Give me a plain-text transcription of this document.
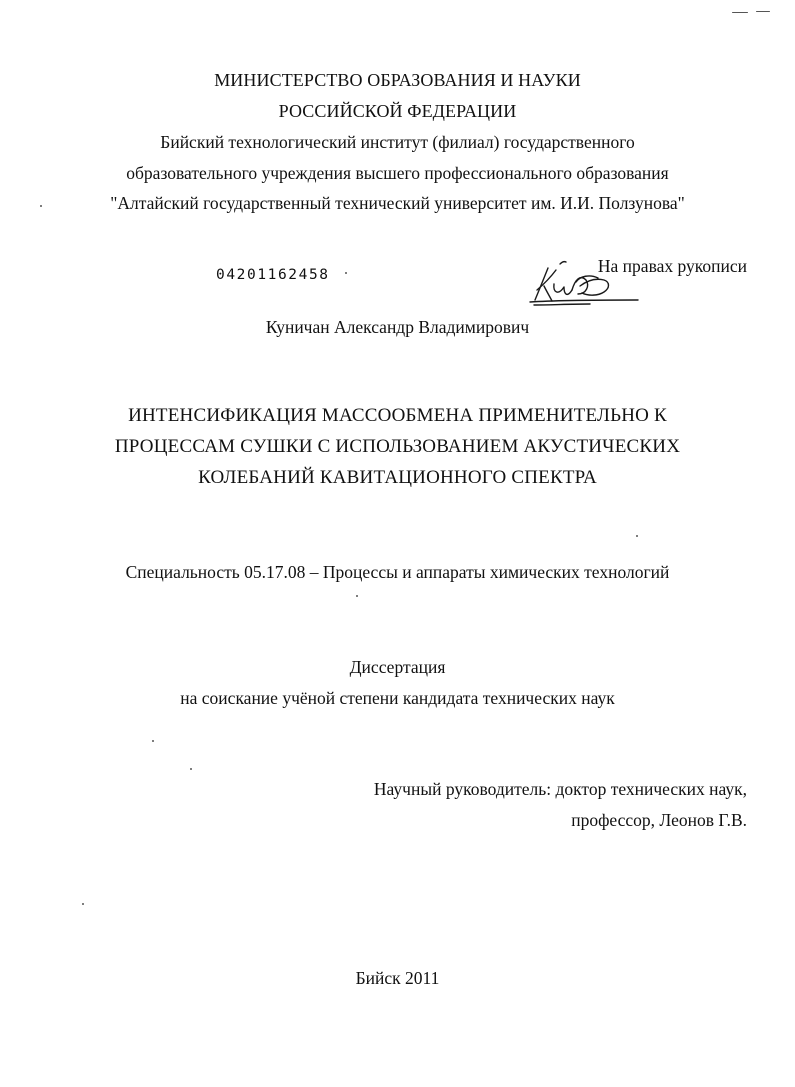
МИНИСТЕРСТВО ОБРАЗОВАНИЯ И НАУКИ
РОССИЙСКОЙ ФЕДЕРАЦИИ
Бийский технологический институт (филиал) государственного
образовательного учреждения высшего профессионального образования
"Алтайский государственный технический университет им. И.И. Ползунова"
04201162458	На правах рукописи
Куничан Александр Владимирович
ИНТЕНСИФИКАЦИЯ МАССООБМЕНА ПРИМЕНИТЕЛЬНО К
ПРОЦЕССАМ СУШКИ С ИСПОЛЬЗОВАНИЕМ АКУСТИЧЕСКИХ
КОЛЕБАНИЙ КАВИТАЦИОННОГО СПЕКТРА
Специальность 05.17.08 – Процессы и аппараты химических технологий
Диссертация
на соискание учёной степени кандидата технических наук
Научный руководитель: доктор технических наук,
профессор, Леонов Г.В.
Бийск 2011
